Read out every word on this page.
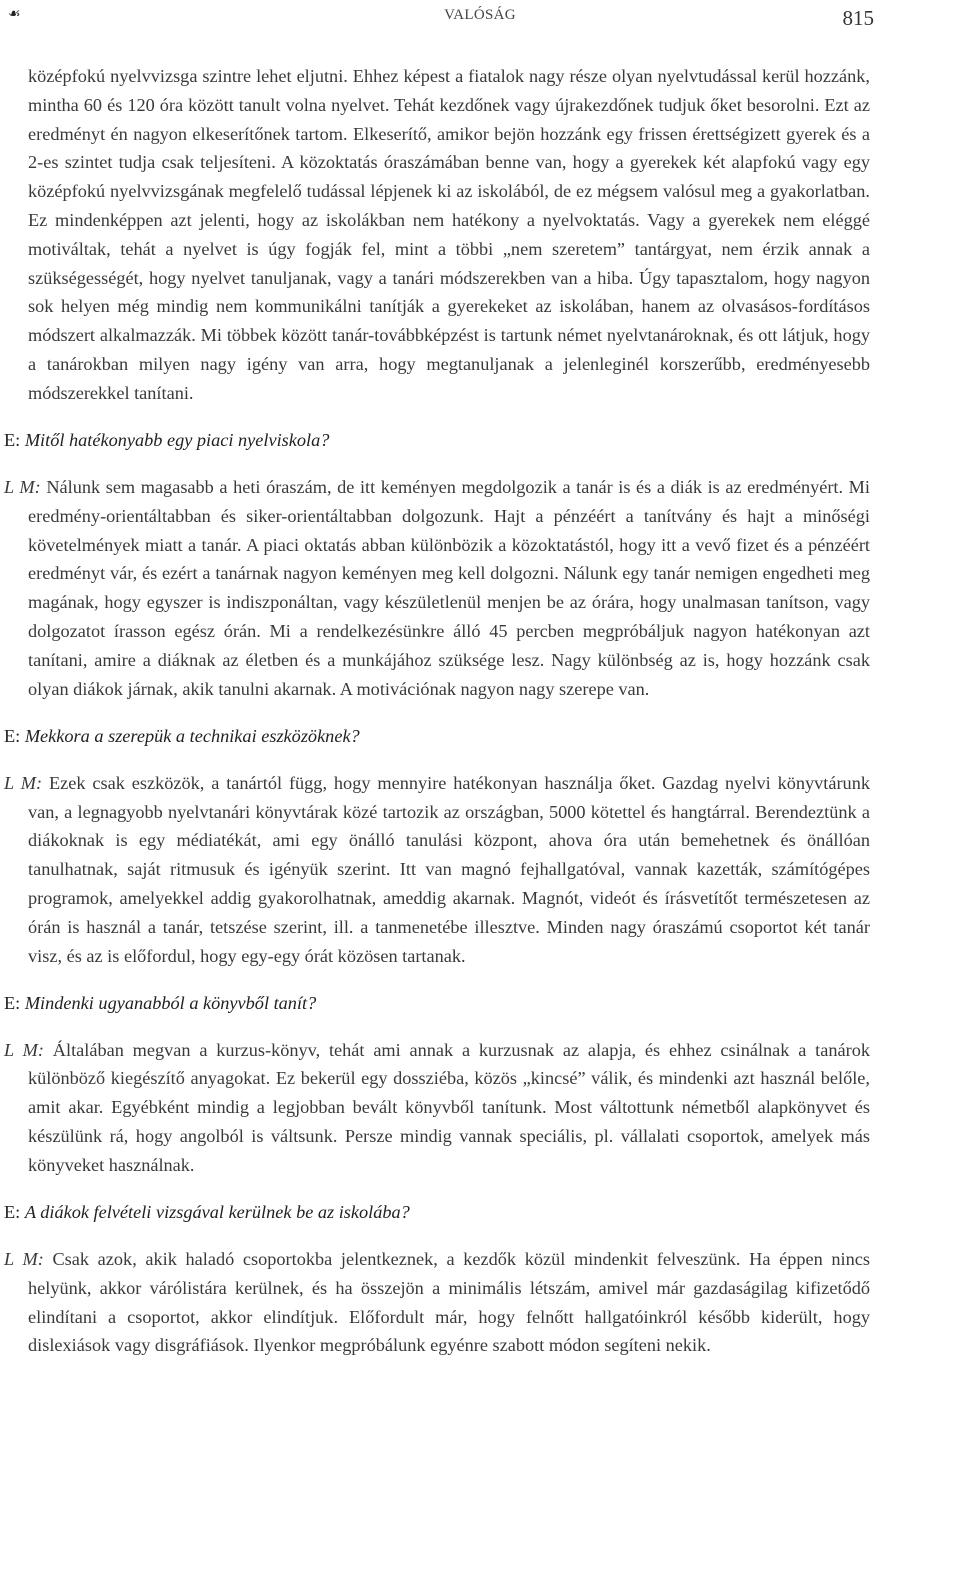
☙	VALÓSÁG	815

középfokú nyelvvizsga szintre lehet eljutni. Ehhez képest a fiatalok nagy része olyan nyelvtudással kerül hozzánk, mintha 60 és 120 óra között tanult volna nyelvet. Tehát kezdőnek vagy újrakezdőnek tudjuk őket besorolni. Ezt az eredményt én nagyon elkeserítőnek tartom. Elkeserítő, amikor bejön hozzánk egy frissen érettségizett gyerek és a 2-es szintet tudja csak teljesíteni. A közoktatás óraszámában benne van, hogy a gyerekek két alapfokú vagy egy középfokú nyelvvizsgának megfelelő tudással lépjenek ki az iskolából, de ez mégsem valósul meg a gyakorlatban. Ez mindenképpen azt jelenti, hogy az iskolákban nem hatékony a nyelvoktatás. Vagy a gyerekek nem eléggé motiváltak, tehát a nyelvet is úgy fogják fel, mint a többi „nem szeretem” tantárgyat, nem érzik annak a szükségességét, hogy nyelvet tanuljanak, vagy a tanári módszerekben van a hiba. Úgy tapasztalom, hogy nagyon sok helyen még mindig nem kommunikálni tanítják a gyerekeket az iskolában, hanem az olvasásos-fordításos módszert alkalmazzák. Mi többek között tanár-továbbképzést is tartunk német nyelvtanároknak, és ott látjuk, hogy a tanárokban milyen nagy igény van arra, hogy megtanuljanak a jelenleginél korszerűbb, eredményesebb módszerekkel tanítani.

E: Mitől hatékonyabb egy piaci nyelviskola?

L M: Nálunk sem magasabb a heti óraszám, de itt keményen megdolgozik a tanár is és a diák is az eredményért. Mi eredmény-orientáltabban és siker-orientáltabban dolgozunk. Hajt a pénzéért a tanítvány és hajt a minőségi követelmények miatt a tanár. A piaci oktatás abban különbözik a közoktatástól, hogy itt a vevő fizet és a pénzéért eredményt vár, és ezért a tanárnak nagyon keményen meg kell dolgozni. Nálunk egy tanár nemigen engedheti meg magának, hogy egyszer is indiszponáltan, vagy készületlenül menjen be az órára, hogy unalmasan tanítson, vagy dolgozatot írasson egész órán. Mi a rendelkezésünkre álló 45 percben megpróbáljuk nagyon hatékonyan azt tanítani, amire a diáknak az életben és a munkájához szüksége lesz. Nagy különbség az is, hogy hozzánk csak olyan diákok járnak, akik tanulni akarnak. A motivációnak nagyon nagy szerepe van.

E: Mekkora a szerepük a technikai eszközöknek?

L M: Ezek csak eszközök, a tanártól függ, hogy mennyire hatékonyan használja őket. Gazdag nyelvi könyvtárunk van, a legnagyobb nyelvtanári könyvtárak közé tartozik az országban, 5000 kötettel és hangtárral. Berendeztünk a diákoknak is egy médiatékát, ami egy önálló tanulási központ, ahova óra után bemehetnek és önállóan tanulhatnak, saját ritmusuk és igényük szerint. Itt van magnó fejhallgatóval, vannak kazetták, számítógépes programok, amelyekkel addig gyakorolhatnak, ameddig akarnak. Magnót, videót és írásvetítőt természetesen az órán is használ a tanár, tetszése szerint, ill. a tanmenetébe illesztve. Minden nagy óraszámú csoportot két tanár visz, és az is előfordul, hogy egy-egy órát közösen tartanak.

E: Mindenki ugyanabból a könyvből tanít?

L M: Általában megvan a kurzus-könyv, tehát ami annak a kurzusnak az alapja, és ehhez csinálnak a tanárok különböző kiegészítő anyagokat. Ez bekerül egy dossziéba, közös „kincsé” válik, és mindenki azt használ belőle, amit akar. Egyébként mindig a legjobban bevált könyvből tanítunk. Most váltottunk németből alapkönyvet és készülünk rá, hogy angolból is váltsunk. Persze mindig vannak speciális, pl. vállalati csoportok, amelyek más könyveket használnak.

E: A diákok felvételi vizsgával kerülnek be az iskolába?

L M: Csak azok, akik haladó csoportokba jelentkeznek, a kezdők közül mindenkit felveszünk. Ha éppen nincs helyünk, akkor várólistára kerülnek, és ha összejön a minimális létszám, amivel már gazdaságilag kifizetődő elindítani a csoportot, akkor elindítjuk. Előfordult már, hogy felnőtt hallgatóinkról később kiderült, hogy dislexiások vagy disgráfiások. Ilyenkor megpróbálunk egyénre szabott módon segíteni nekik.
